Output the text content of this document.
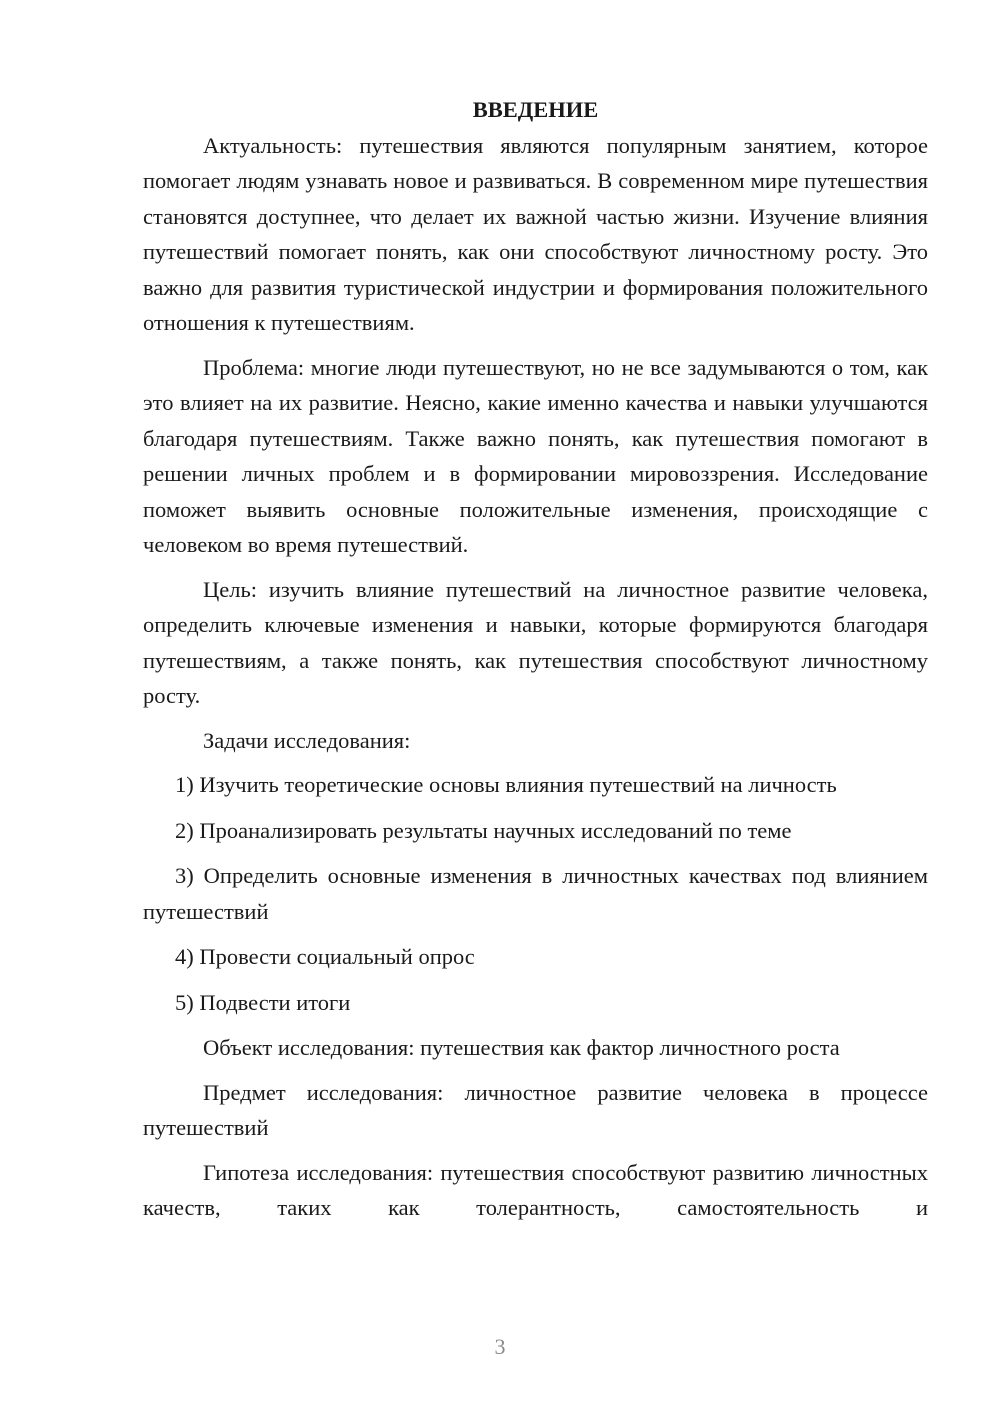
ВВЕДЕНИЕ

Актуальность: путешествия являются популярным занятием, которое помогает людям узнавать новое и развиваться. В современном мире путешествия становятся доступнее, что делает их важной частью жизни. Изучение влияния путешествий помогает понять, как они способствуют личностному росту. Это важно для развития туристической индустрии и формирования положительного отношения к путешествиям.

Проблема: многие люди путешествуют, но не все задумываются о том, как это влияет на их развитие. Неясно, какие именно качества и навыки улучшаются благодаря путешествиям. Также важно понять, как путешествия помогают в решении личных проблем и в формировании мировоззрения. Исследование поможет выявить основные положительные изменения, происходящие с человеком во время путешествий.

Цель: изучить влияние путешествий на личностное развитие человека, определить ключевые изменения и навыки, которые формируются благодаря путешествиям, а также понять, как путешествия способствуют личностному росту.

Задачи исследования:

1) Изучить теоретические основы влияния путешествий на личность

2) Проанализировать результаты научных исследований по теме

3) Определить основные изменения в личностных качествах под влиянием путешествий

4) Провести социальный опрос

5) Подвести итоги

Объект исследования: путешествия как фактор личностного роста

Предмет исследования: личностное развитие человека в процессе путешествий

Гипотеза исследования: путешествия способствуют развитию личностных качеств, таких как толерантность, самостоятельность и

3
